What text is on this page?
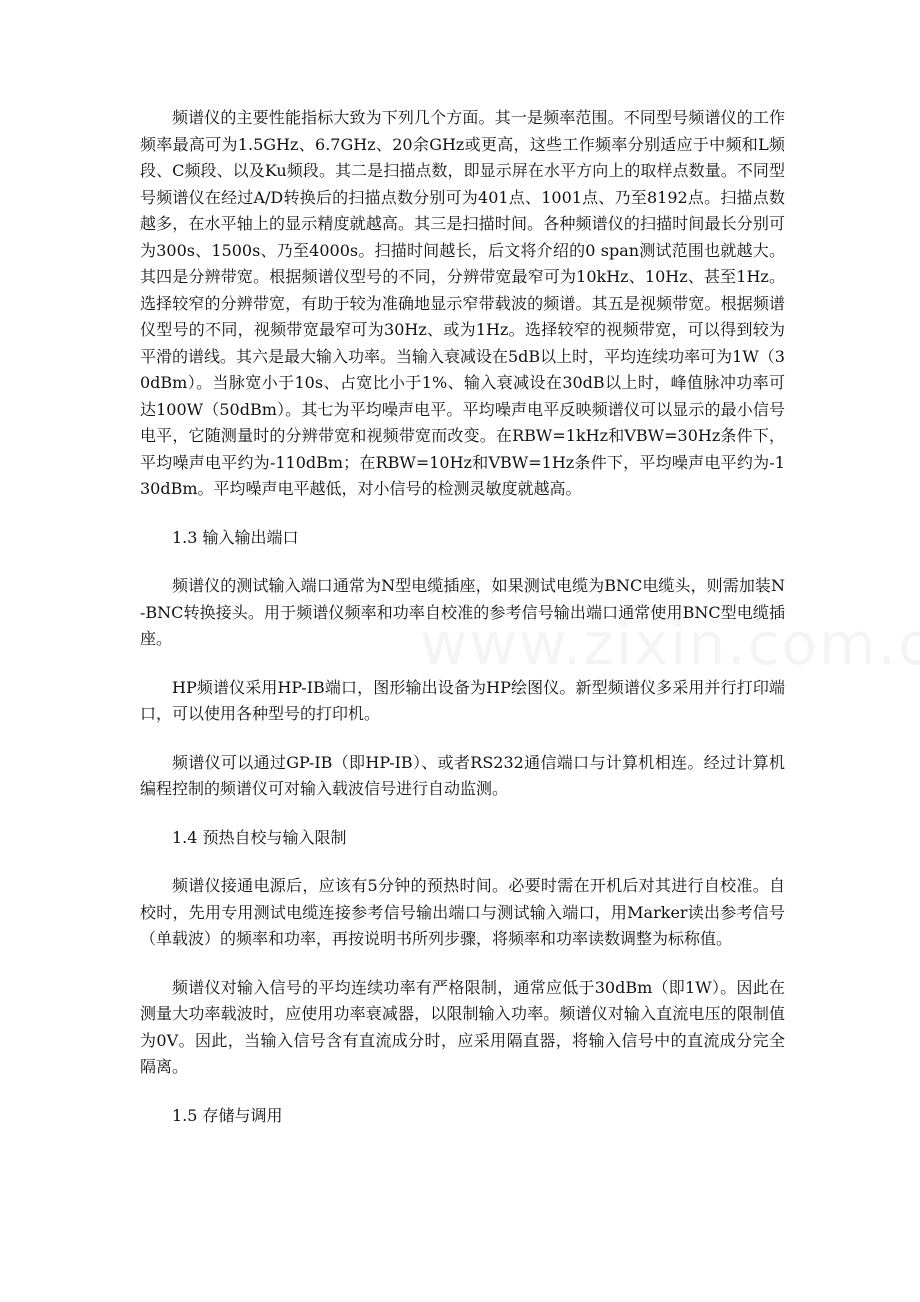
频谱仪的主要性能指标大致为下列几个方面。其一是频率范围。不同型号频谱仪的工作频率最高可为1.5GHz、6.7GHz、20余GHz或更高，这些工作频率分别适应于中频和L频段、C频段、以及Ku频段。其二是扫描点数，即显示屏在水平方向上的取样点数量。不同型号频谱仪在经过A/D转换后的扫描点数分别可为401点、1001点、乃至8192点。扫描点数越多，在水平轴上的显示精度就越高。其三是扫描时间。各种频谱仪的扫描时间最长分别可为300s、1500s、乃至4000s。扫描时间越长，后文将介绍的0 span测试范围也就越大。其四是分辨带宽。根据频谱仪型号的不同，分辨带宽最窄可为10kHz、10Hz、甚至1Hz。选择较窄的分辨带宽，有助于较为准确地显示窄带载波的频谱。其五是视频带宽。根据频谱仪型号的不同，视频带宽最窄可为30Hz、或为1Hz。选择较窄的视频带宽，可以得到较为平滑的谱线。其六是最大输入功率。当输入衰减设在5dB以上时，平均连续功率可为1W（30dBm）。当脉宽小于10s、占宽比小于1%、输入衰减设在30dB以上时，峰值脉冲功率可达100W（50dBm）。其七为平均噪声电平。平均噪声电平反映频谱仪可以显示的最小信号电平，它随测量时的分辨带宽和视频带宽而改变。在RBW=1kHz和VBW=30Hz条件下，平均噪声电平约为-110dBm；在RBW=10Hz和VBW=1Hz条件下，平均噪声电平约为-130dBm。平均噪声电平越低，对小信号的检测灵敏度就越高。

1.3 输入输出端口

频谱仪的测试输入端口通常为N型电缆插座，如果测试电缆为BNC电缆头，则需加装N-BNC转换接头。用于频谱仪频率和功率自校准的参考信号输出端口通常使用BNC型电缆插座。

HP频谱仪采用HP-IB端口，图形输出设备为HP绘图仪。新型频谱仪多采用并行打印端口，可以使用各种型号的打印机。

频谱仪可以通过GP-IB（即HP-IB）、或者RS232通信端口与计算机相连。经过计算机编程控制的频谱仪可对输入载波信号进行自动监测。

1.4 预热自校与输入限制

频谱仪接通电源后，应该有5分钟的预热时间。必要时需在开机后对其进行自校准。自校时，先用专用测试电缆连接参考信号输出端口与测试输入端口，用Marker读出参考信号（单载波）的频率和功率，再按说明书所列步骤，将频率和功率读数调整为标称值。

频谱仪对输入信号的平均连续功率有严格限制，通常应低于30dBm（即1W）。因此在测量大功率载波时，应使用功率衰减器，以限制输入功率。频谱仪对输入直流电压的限制值为0V。因此，当输入信号含有直流成分时，应采用隔直器，将输入信号中的直流成分完全隔离。

1.5 存储与调用
